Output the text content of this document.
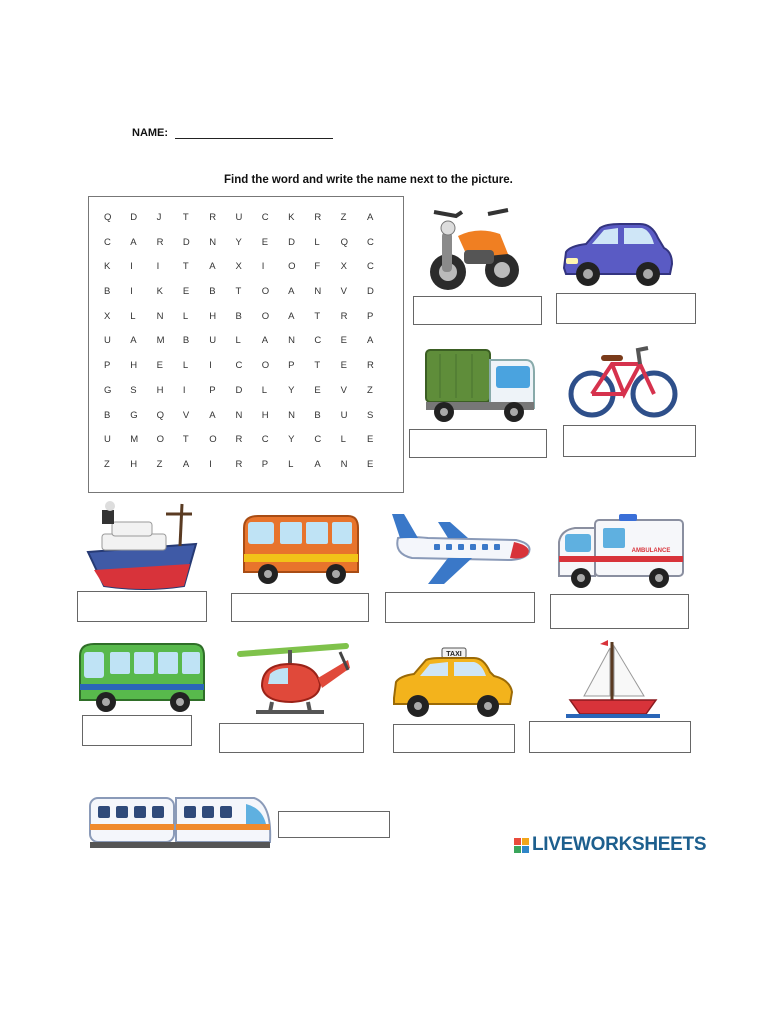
NAME:
Find the word and write the name next to the picture.
Q	D	J	T	R	U	C	K	R	Z	A
C	A	R	D	N	Y	E	D	L	Q	C
K	I	I	T	A	X	I	O	F	X	C
B	I	K	E	B	T	O	A	N	V	D
X	L	N	L	H	B	O	A	T	R	P
U	A	M	B	U	L	A	N	C	E	A
P	H	E	L	I	C	O	P	T	E	R
G	S	H	I	P	D	L	Y	E	V	Z
B	G	Q	V	A	N	H	N	B	U	S
U	M	O	T	O	R	C	Y	C	L	E
Z	H	Z	A	I	R	P	L	A	N	E
AMBULANCE
TAXI
LIVEWORKSHEETS
